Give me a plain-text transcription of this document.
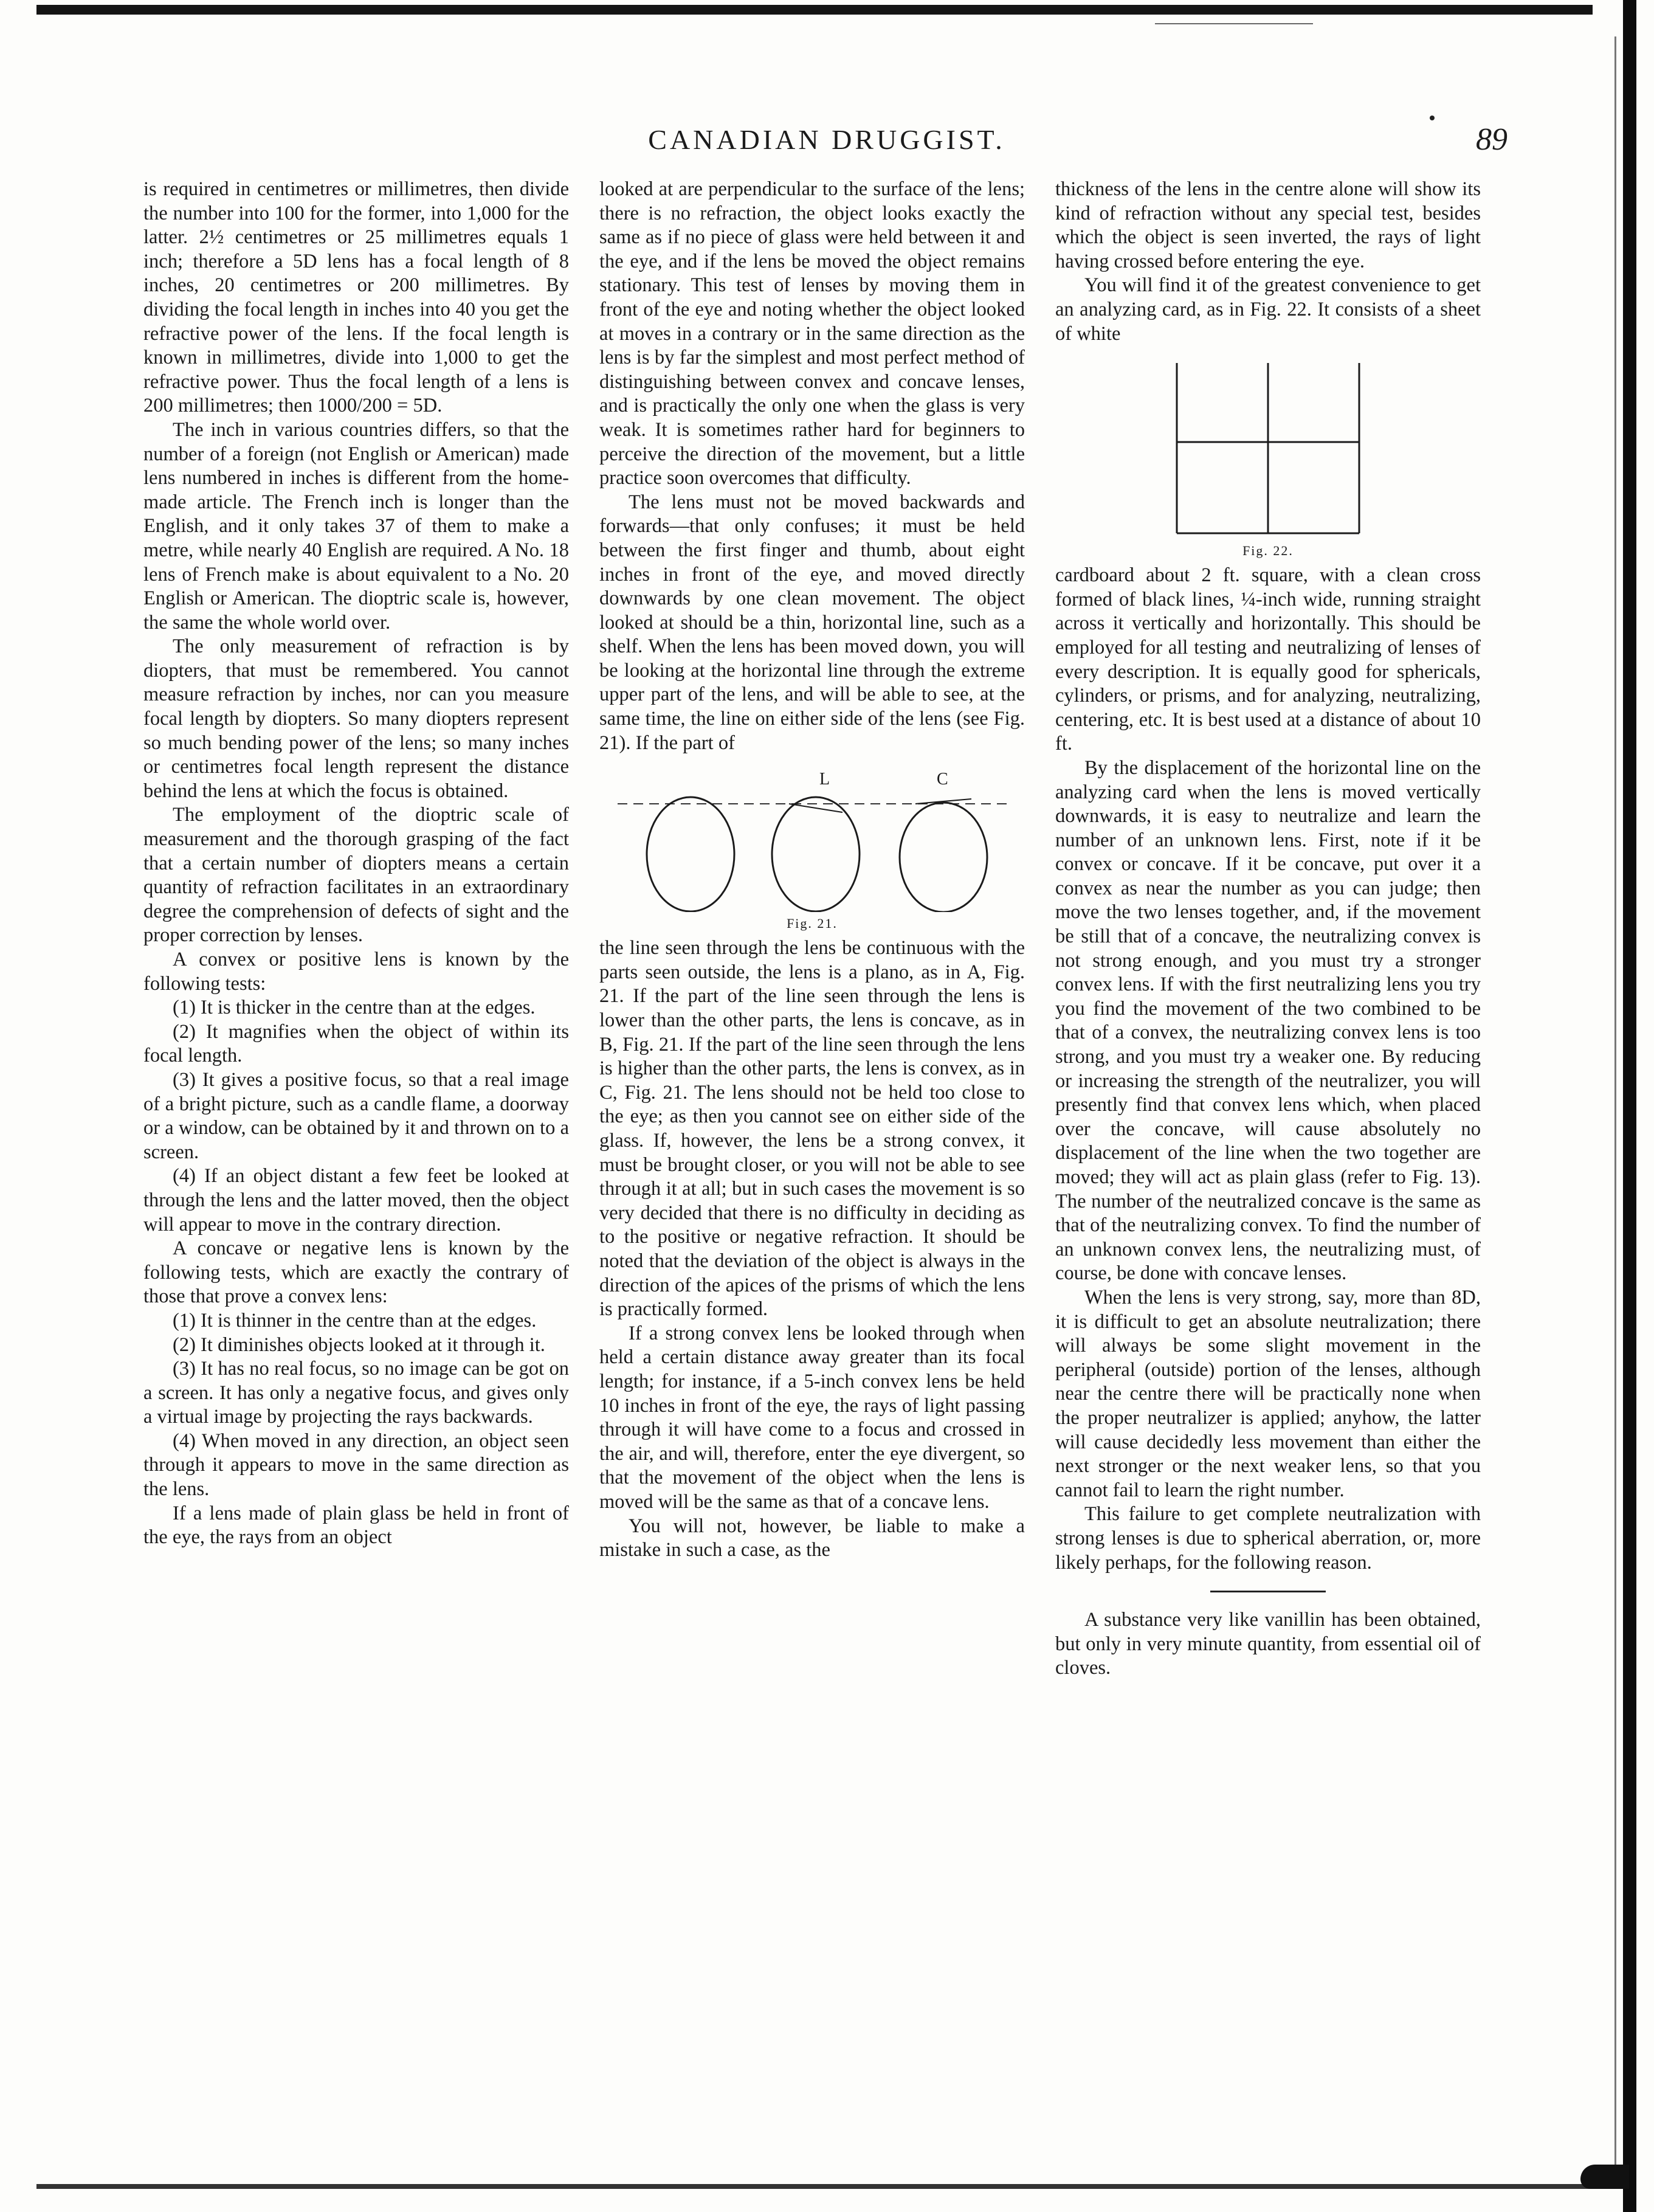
CANADIAN DRUGGIST.	89

is required in centimetres or millimetres, then divide the number into 100 for the former, into 1,000 for the latter. 2½ centimetres or 25 millimetres equals 1 inch; therefore a 5D lens has a focal length of 8 inches, 20 centimetres or 200 millimetres. By dividing the focal length in inches into 40 you get the refractive power of the lens. If the focal length is known in millimetres, divide into 1,000 to get the refractive power. Thus the focal length of a lens is 200 millimetres; then 1000/200 = 5D.

The inch in various countries differs, so that the number of a foreign (not English or American) made lens numbered in inches is different from the home-made article. The French inch is longer than the English, and it only takes 37 of them to make a metre, while nearly 40 English are required. A No. 18 lens of French make is about equivalent to a No. 20 English or American. The dioptric scale is, however, the same the whole world over.

The only measurement of refraction is by diopters, that must be remembered. You cannot measure refraction by inches, nor can you measure focal length by diopters. So many diopters represent so much bending power of the lens; so many inches or centimetres focal length represent the distance behind the lens at which the focus is obtained.

The employment of the dioptric scale of measurement and the thorough grasping of the fact that a certain number of diopters means a certain quantity of refraction facilitates in an extraordinary degree the comprehension of defects of sight and the proper correction by lenses.

A convex or positive lens is known by the following tests:

(1) It is thicker in the centre than at the edges.

(2) It magnifies when the object of within its focal length.

(3) It gives a positive focus, so that a real image of a bright picture, such as a candle flame, a doorway or a window, can be obtained by it and thrown on to a screen.

(4) If an object distant a few feet be looked at through the lens and the latter moved, then the object will appear to move in the contrary direction.

A concave or negative lens is known by the following tests, which are exactly the contrary of those that prove a convex lens:

(1) It is thinner in the centre than at the edges.

(2) It diminishes objects looked at it through it.

(3) It has no real focus, so no image can be got on a screen. It has only a negative focus, and gives only a virtual image by projecting the rays backwards.

(4) When moved in any direction, an object seen through it appears to move in the same direction as the lens.

If a lens made of plain glass be held in front of the eye, the rays from an object

looked at are perpendicular to the surface of the lens; there is no refraction, the object looks exactly the same as if no piece of glass were held between it and the eye, and if the lens be moved the object remains stationary. This test of lenses by moving them in front of the eye and noting whether the object looked at moves in a contrary or in the same direction as the lens is by far the simplest and most perfect method of distinguishing between convex and concave lenses, and is practically the only one when the glass is very weak. It is sometimes rather hard for beginners to perceive the direction of the movement, but a little practice soon overcomes that difficulty.

The lens must not be moved backwards and forwards—that only confuses; it must be held between the first finger and thumb, about eight inches in front of the eye, and moved directly downwards by one clean movement. The object looked at should be a thin, horizontal line, such as a shelf. When the lens has been moved down, you will be looking at the horizontal line through the extreme upper part of the lens, and will be able to see, at the same time, the line on either side of the lens (see Fig. 21). If the part of

L	C
Fig. 21.

the line seen through the lens be continuous with the parts seen outside, the lens is a plano, as in A, Fig. 21. If the part of the line seen through the lens is lower than the other parts, the lens is concave, as in B, Fig. 21. If the part of the line seen through the lens is higher than the other parts, the lens is convex, as in C, Fig. 21. The lens should not be held too close to the eye; as then you cannot see on either side of the glass. If, however, the lens be a strong convex, it must be brought closer, or you will not be able to see through it at all; but in such cases the movement is so very decided that there is no difficulty in deciding as to the positive or negative refraction. It should be noted that the deviation of the object is always in the direction of the apices of the prisms of which the lens is practically formed.

If a strong convex lens be looked through when held a certain distance away greater than its focal length; for instance, if a 5-inch convex lens be held 10 inches in front of the eye, the rays of light passing through it will have come to a focus and crossed in the air, and will, therefore, enter the eye divergent, so that the movement of the object when the lens is moved will be the same as that of a concave lens.

You will not, however, be liable to make a mistake in such a case, as the

thickness of the lens in the centre alone will show its kind of refraction without any special test, besides which the object is seen inverted, the rays of light having crossed before entering the eye.

You will find it of the greatest convenience to get an analyzing card, as in Fig. 22. It consists of a sheet of white

Fig. 22.

cardboard about 2 ft. square, with a clean cross formed of black lines, ¼-inch wide, running straight across it vertically and horizontally. This should be employed for all testing and neutralizing of lenses of every description. It is equally good for sphericals, cylinders, or prisms, and for analyzing, neutralizing, centering, etc. It is best used at a distance of about 10 ft.

By the displacement of the horizontal line on the analyzing card when the lens is moved vertically downwards, it is easy to neutralize and learn the number of an unknown lens. First, note if it be convex or concave. If it be concave, put over it a convex as near the number as you can judge; then move the two lenses together, and, if the movement be still that of a concave, the neutralizing convex is not strong enough, and you must try a stronger convex lens. If with the first neutralizing lens you try you find the movement of the two combined to be that of a convex, the neutralizing convex lens is too strong, and you must try a weaker one. By reducing or increasing the strength of the neutralizer, you will presently find that convex lens which, when placed over the concave, will cause absolutely no displacement of the line when the two together are moved; they will act as plain glass (refer to Fig. 13). The number of the neutralized concave is the same as that of the neutralizing convex. To find the number of an unknown convex lens, the neutralizing must, of course, be done with concave lenses.

When the lens is very strong, say, more than 8D, it is difficult to get an absolute neutralization; there will always be some slight movement in the peripheral (outside) portion of the lenses, although near the centre there will be practically none when the proper neutralizer is applied; anyhow, the latter will cause decidedly less movement than either the next stronger or the next weaker lens, so that you cannot fail to learn the right number.

This failure to get complete neutralization with strong lenses is due to spherical aberration, or, more likely perhaps, for the following reason.

A substance very like vanillin has been obtained, but only in very minute quantity, from essential oil of cloves.
